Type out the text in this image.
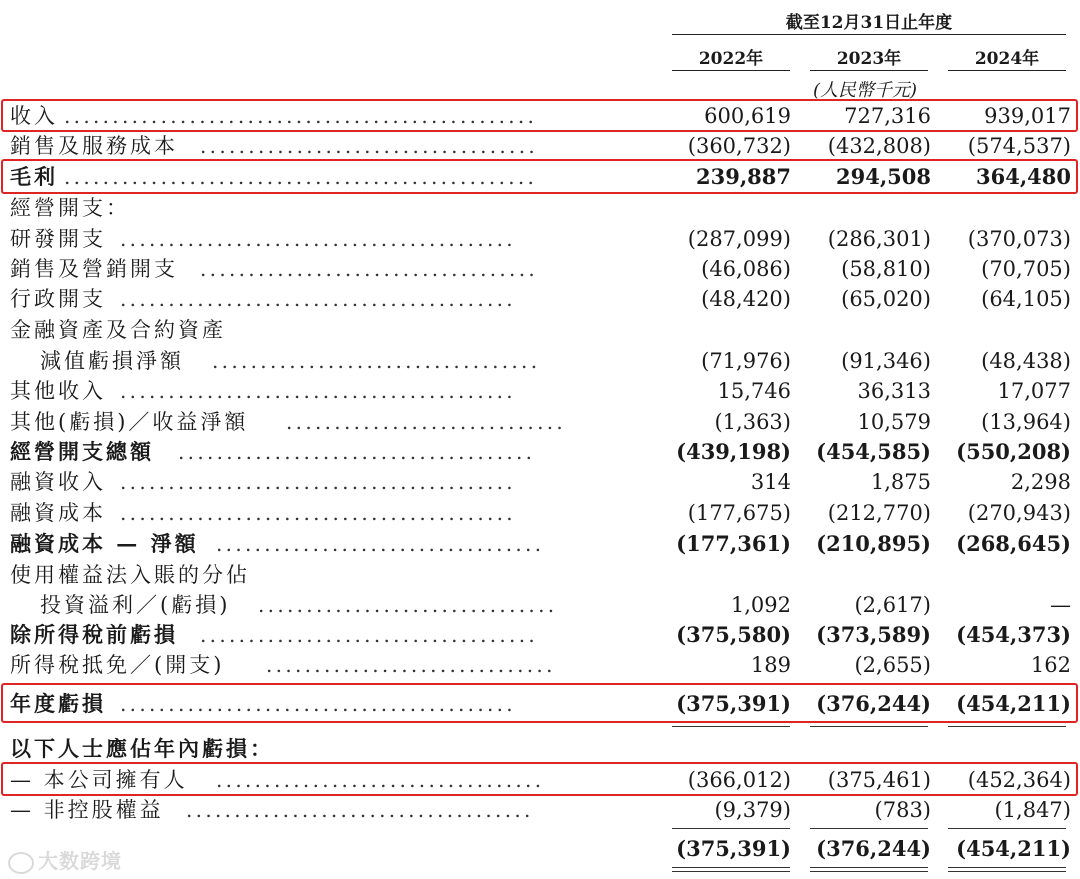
截至12月31日止年度
2022年	2023年	2024年
(人民幣千元)
收入 .................................................	600,619	727,316	939,017
銷售及服務成本 ...................................	(360,732) (432,808) (574,537)
毛利 .................................................	239,887 294,508 364,480
經營開支：
研發開支 .........................................	(287,099) (286,301) (370,073)
銷售及營銷開支 ...................................	(46,086) (58,810) (70,705)
行政開支 .........................................	(48,420) (65,020) (64,105)
金融資產及合約資產
減值虧損淨額 ..................................	(71,976) (91,346) (48,438)
其他收入 .........................................	15,746	36,313	17,077
其他(虧損)／收益淨額 .............................	(1,363)	10,579 (13,964)
經營開支總額 .....................................	(439,198) (454,585) (550,208)
融資收入 .........................................	314	1,875	2,298
融資成本 .........................................	(177,675) (212,770) (270,943)
融資成本 — 淨額 ..................................	(177,361) (210,895) (268,645)
使用權益法入賬的分佔
投資溢利／(虧損) ...............................	1,092	(2,617)	—
除所得稅前虧損 ...................................	(375,580) (373,589) (454,373)
所得稅抵免／(開支) ..............................	189	(2,655)	162
年度虧損 .........................................	(375,391) (376,244) (454,211)
以下人士應佔年內虧損：
— 本公司擁有人 ..................................	(366,012) (375,461) (452,364)
— 非控股權益 ....................................	(9,379)	(783)	(1,847)
(375,391) (376,244) (454,211)
大数跨境
